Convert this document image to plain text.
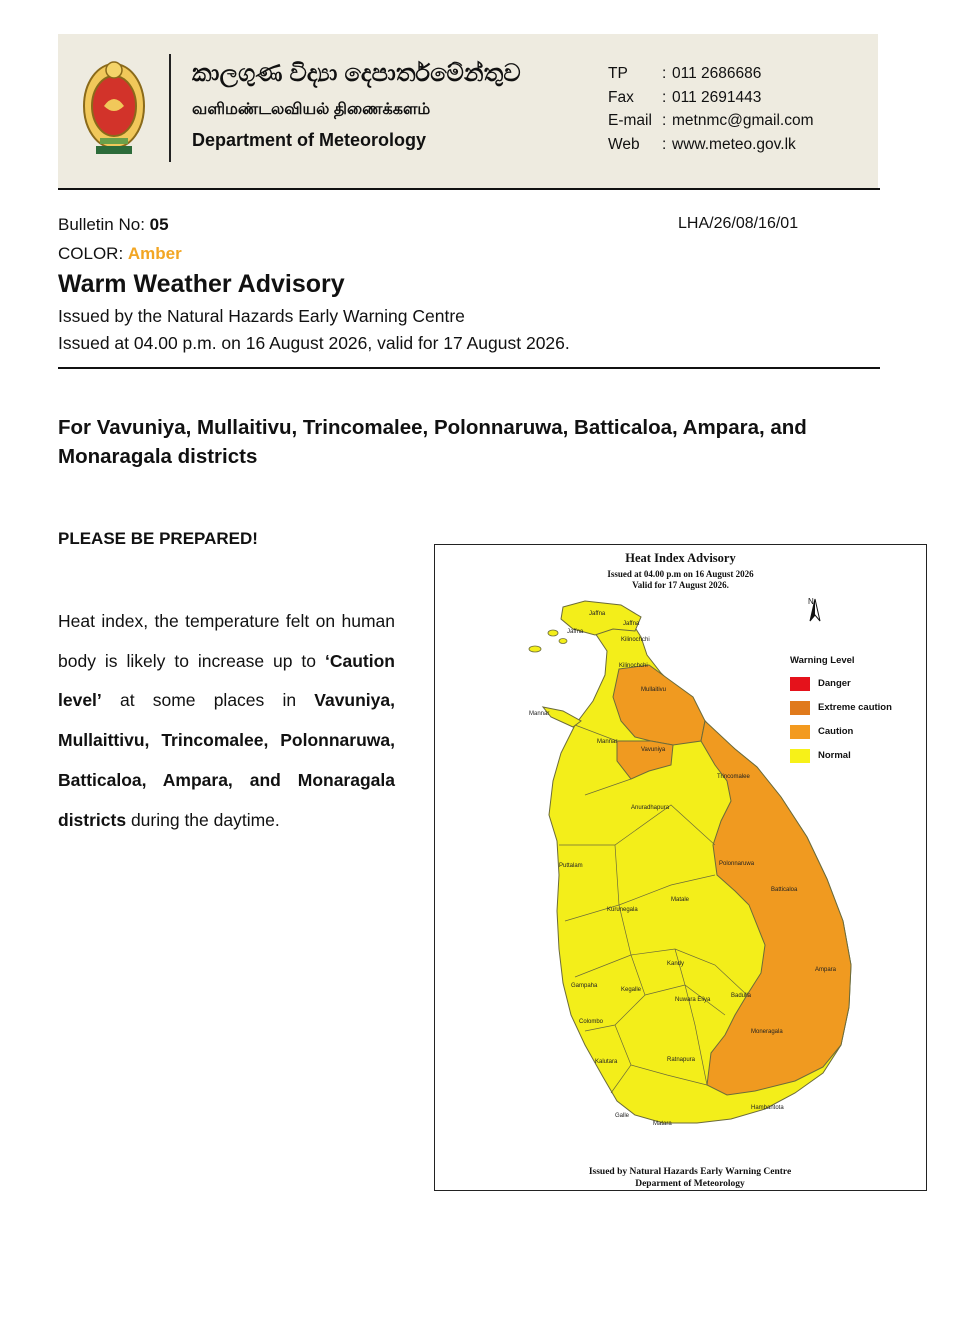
කාලගුණ විද්‍යා දෙපාර්තමේන්තුව
வளிமண்டலவியல் திணைக்களம்
Department of Meteorology
TP	: 011 2686686
Fax	: 011 2691443
E-mail : metnmc@gmail.com
Web	: www.meteo.gov.lk
Bulletin No: 05	LHA/26/08/16/01
COLOR: Amber
Warm Weather Advisory
Issued by the Natural Hazards Early Warning Centre
Issued at 04.00 p.m. on 16 August 2026, valid for 17 August 2026.
For Vavuniya, Mullaitivu, Trincomalee, Polonnaruwa, Batticaloa, Ampara, and Monaragala districts
PLEASE BE PREPARED!
Heat index, the temperature felt on human body is likely to increase up to ‘Caution level’ at some places in Vavuniya, Mullaittivu, Trincomalee, Polonnaruwa, Batticaloa, Ampara, and Monaragala districts during the daytime.
Heat Index Advisory
Issued at 04.00 p.m on 16 August 2026
Valid for 17 August 2026.
N
Jaffna
Jaffna
Jaffna
Kilinochchi
Kilinochchi
Mullaitivu
Mannar
Mannar
Vavuniya
Trincomalee
Anuradhapura
Puttalam	Polonnaruwa
Batticaloa
Matale
Kurunegala
Kandy
Ampara
Gampaha
Kegalle
Nuwara Eliya
Badulla
Colombo
Moneragala
Kalutara	Ratnapura
Hambantota
Galle
Matara
Warning Level
Danger
Extreme caution
Caution
Normal
Issued by Natural Hazards Early Warning Centre
Deparment of Meteorology
